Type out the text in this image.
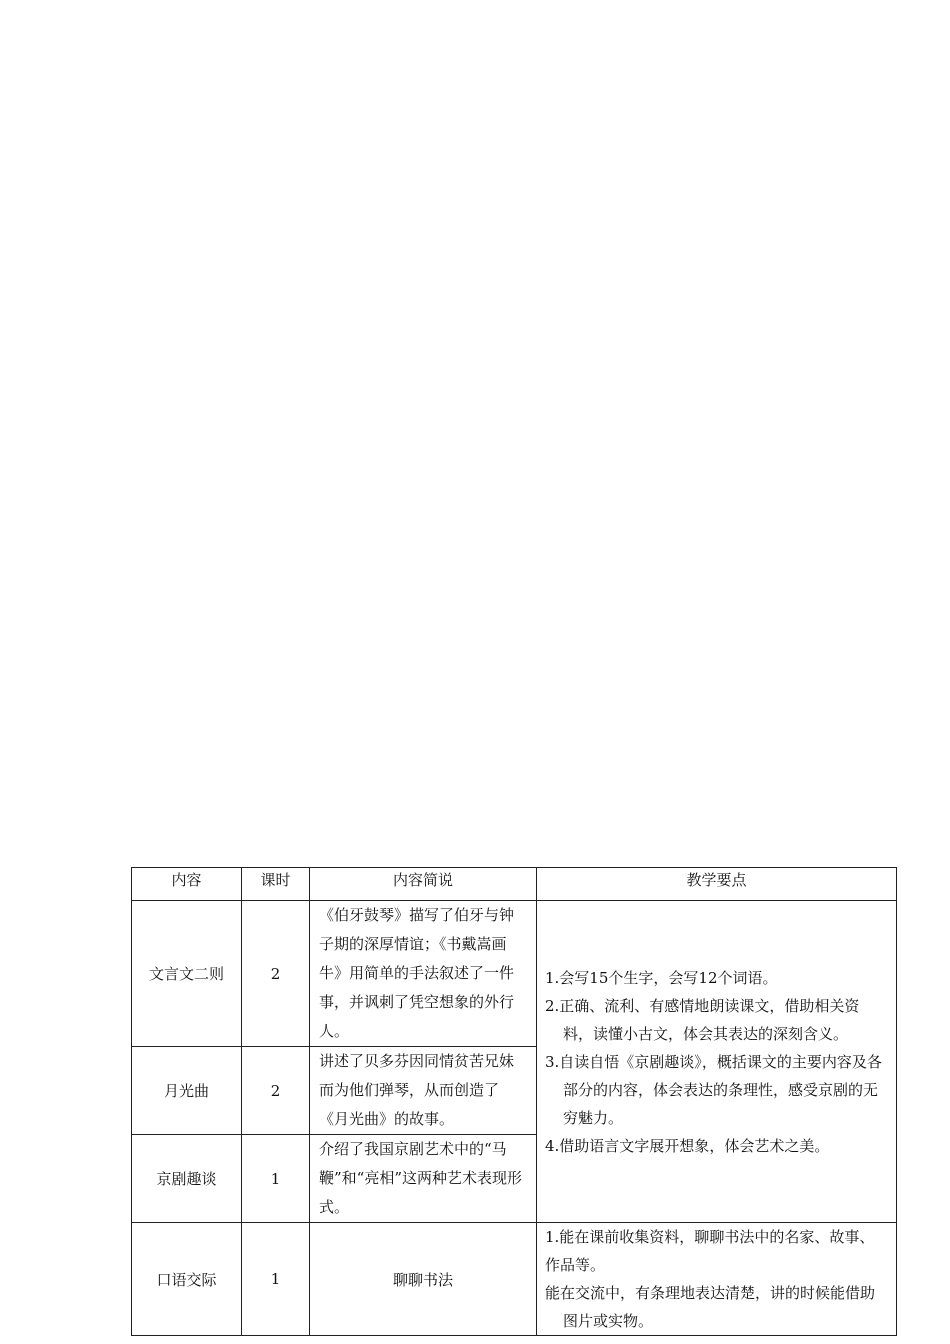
内容	课时	内容简说	教学要点
文言文二则	2	《伯牙鼓琴》描写了伯牙与钟子期的深厚情谊；《书戴嵩画牛》用简单的手法叙述了一件事，并讽刺了凭空想象的外行人。	1.会写15个生字，会写12个词语。
2.正确、流利、有感情地朗读课文，借助相关资料，读懂小古文，体会其表达的深刻含义。
3.自读自悟《京剧趣谈》，概括课文的主要内容及各部分的内容，体会表达的条理性，感受京剧的无穷魅力。
4.借助语言文字展开想象，体会艺术之美。

月光曲	2	讲述了贝多芬因同情贫苦兄妹而为他们弹琴，从而创造了《月光曲》的故事。	
京剧趣谈	1	介绍了我国京剧艺术中的“马鞭”和“亮相”这两种艺术表现形式。	
口语交际	1	聊聊书法	1.能在课前收集资料，聊聊书法中的名家、故事、作品等。
能在交流中，有条理地表达清楚，讲的时候能借助图片或实物。
